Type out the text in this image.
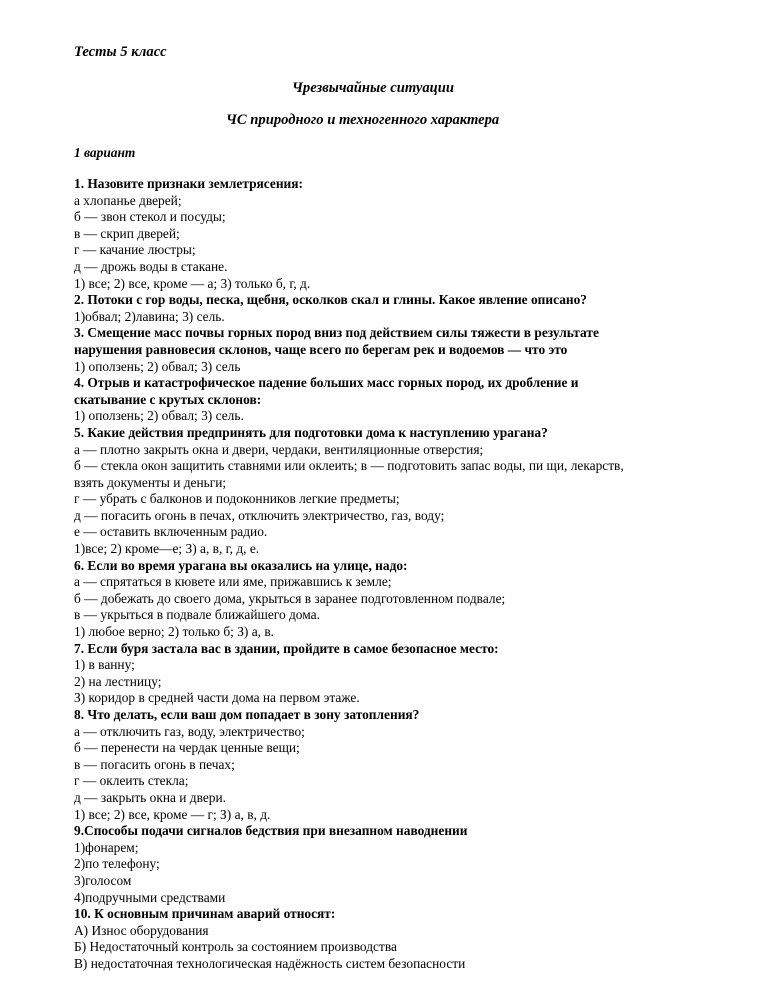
Тесты 5 класс
Чрезвычайные ситуации
ЧС природного и техногенного характера
1 вариант
1. Назовите признаки землетрясения:
а хлопанье дверей;
б — звон стекол и посуды;
в — скрип дверей;
г — качание люстры;
д — дрожь воды в стакане.
1) все; 2) все, кроме — а; 3) только б, г, д.
2. Потоки с гор воды, песка, щебня, осколков скал и глины. Какое явление описано?
1)обвал; 2)лавина; 3) сель.
3. Смещение масс почвы горных пород вниз под действием силы тяжести в результате
нарушения равновесия склонов, чаще всего по берегам рек и водоемов — что это
1) оползень; 2) обвал; 3) сель
4. Отрыв и катастрофическое падение больших масс горных пород, их дробление и
скатывание с крутых склонов:
1) оползень; 2) обвал; 3) сель.
5. Какие действия предпринять для подготовки дома к наступлению урагана?
а — плотно закрыть окна и двери, чердаки, вентиляционные отверстия;
б — стекла окон защитить ставнями или оклеить; в — подготовить запас воды, пи щи, лекарств,
взять документы и деньги;
г — убрать с балконов и подоконников легкие предметы;
д — погасить огонь в печах, отключить электричество, газ, воду;
е — оставить включенным радио.
1)все; 2) кроме—е; З) а, в, г, д, е.
6. Если во время урагана вы оказались на улице, надо:
а — спрятаться в кювете или яме, прижавшись к земле;
б — добежать до своего дома, укрыться в заранее подготовленном подвале;
в — укрыться в подвале ближайшего дома.
1) любое верно; 2) только б; З) а, в.
7. Если буря застала вас в здании, пройдите в самое безопасное место:
1) в ванну;
2) на лестницу;
З) коридор в средней части дома на первом этаже.
8. Что делать, если ваш дом попадает в зону затопления?
а — отключить газ, воду, электричество;
б — перенести на чердак ценные вещи;
в — погасить огонь в печах;
г — оклеить стекла;
д — закрыть окна и двери.
1) все; 2) все, кроме — г; З) а, в, д.
9.Способы подачи сигналов бедствия при внезапном наводнении
1)фонарем;
2)по телефону;
3)голосом
4)подручными средствами
10. К основным причинам аварий относят:
А) Износ оборудования
Б) Недостаточный контроль за состоянием производства
В) недостаточная технологическая надёжность систем безопасности
